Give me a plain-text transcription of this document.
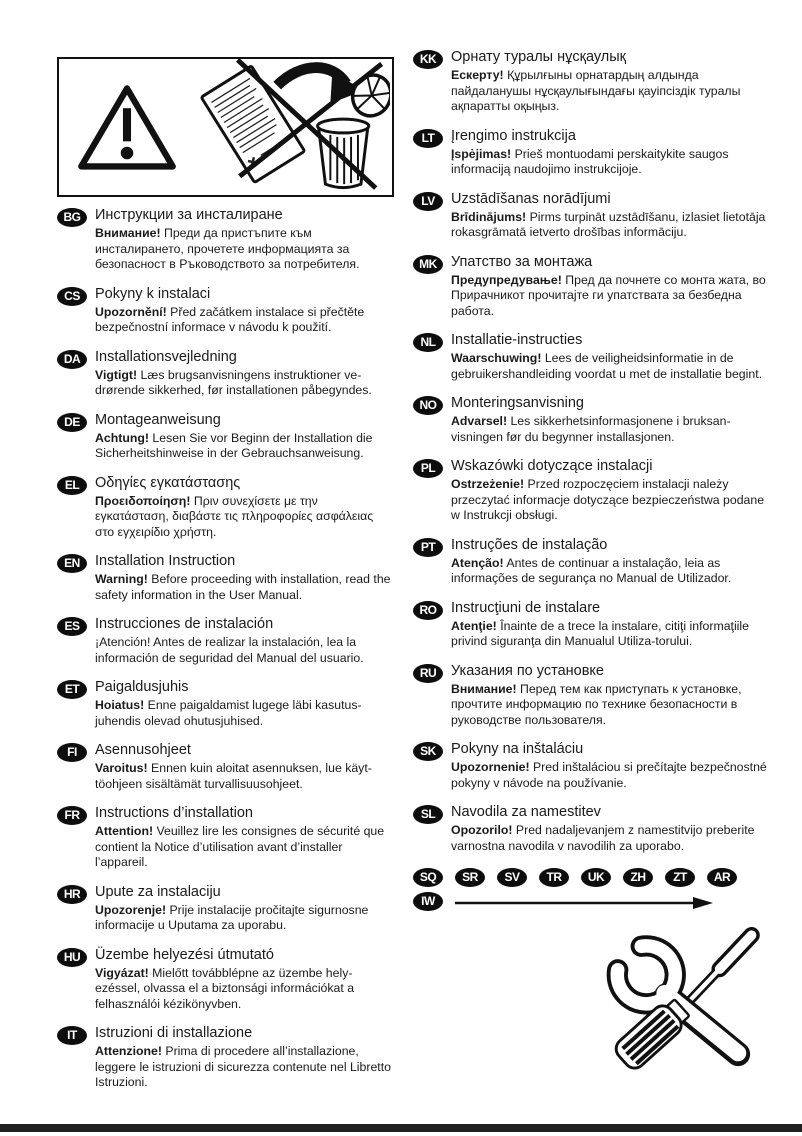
BG	Инструкции за инсталиране
Внимание! Преди да пристъпите към инсталирането, прочетете информацията за безопасност в Ръководството за потребителя.
CS	Pokyny k instalaci
Upozornění! Před začátkem instalace si přečtěte bezpečnostní informace v návodu k použití.
DA	Installationsvejledning
Vigtigt! Læs brugsanvisningens instruktioner ve-drørende sikkerhed, før installationen påbegyndes.
DE	Montageanweisung
Achtung! Lesen Sie vor Beginn der Installation die Sicherheitshinweise in der Gebrauchsanweisung.
EL	Οδηγίες εγκατάστασης
Προειδοποίηση! Πριν συνεχίσετε με την εγκατάσταση, διαβάστε τις πληροφορίες ασφάλειας στο εγχειρίδιο χρήστη.
EN	Installation Instruction
Warning! Before proceeding with installation, read the safety information in the User Manual.
ES	Instrucciones de instalación
¡Atención! Antes de realizar la instalación, lea la información de seguridad del Manual del usuario.
ET	Paigaldusjuhis
Hoiatus! Enne paigaldamist lugege läbi kasutus-juhendis olevad ohutusjuhised.
FI	Asennusohjeet
Varoitus! Ennen kuin aloitat asennuksen, lue käyt-töohjeen sisältämät turvallisuusohjeet.
FR	Instructions d’installation
Attention! Veuillez lire les consignes de sécurité que contient la Notice d’utilisation avant d’installer l’appareil.
HR	Upute za instalaciju
Upozorenje! Prije instalacije pročitajte sigurnosne informacije u Uputama za uporabu.
HU	Üzembe helyezési útmutató
Vigyázat! Mielőtt továbblépne az üzembe hely-ezéssel, olvassa el a biztonsági információkat a felhasználói kézikönyvben.
IT	Istruzioni di installazione
Attenzione! Prima di procedere all’installazione, leggere le istruzioni di sicurezza contenute nel Libretto Istruzioni.
KK	Орнату туралы нұсқаулық
Ескерту! Құрылғыны орнатардың алдында пайдаланушы нұсқаулығындағы қауіпсіздік туралы ақпаратты оқыңыз.
LT	Įrengimo instrukcija
Įspėjimas! Prieš montuodami perskaitykite saugos informaciją naudojimo instrukcijoje.
LV	Uzstādīšanas norādījumi
Brīdinājums! Pirms turpināt uzstādīšanu, izlasiet lietotāja rokasgrāmatā ietverto drošības informāciju.
MK Упатство за монтажа
Предупредување! Пред да почнете со монта жата, во Прирачникот прочитајте ги упатствата за безбедна работа.
NL	Installatie-instructies
Waarschuwing! Lees de veiligheidsinformatie in de gebruikershandleiding voordat u met de installatie begint.
NO	Monteringsanvisning
Advarsel! Les sikkerhetsinformasjonene i bruksan-visningen før du begynner installasjonen.
PL	Wskazówki dotyczące instalacji
Ostrzeżenie! Przed rozpoczęciem instalacji należy przeczytać informacje dotyczące bezpieczeństwa podane w Instrukcji obsługi.
PT	Instruções de instalação
Atenção! Antes de continuar a instalação, leia as informações de segurança no Manual de Utilizador.
RO	Instrucţiuni de instalare
Atenţie! Înainte de a trece la instalare, citiţi informaţiile privind siguranţa din Manualul Utiliza-torului.
RU	Указания по установке
Внимание! Перед тем как приступать к установке, прочтите информацию по технике безопасности в руководстве пользователя.
SK	Pokyny na inštaláciu
Upozornenie! Pred inštaláciou si prečítajte bezpečnostné pokyny v návode na používanie.
SL	Navodila za namestitev
Opozorilo! Pred nadaljevanjem z namestitvijo preberite varnostna navodila v navodilih za uporabo.
SQ	SR	SV	TR	UK	ZH	ZT	AR
IW
